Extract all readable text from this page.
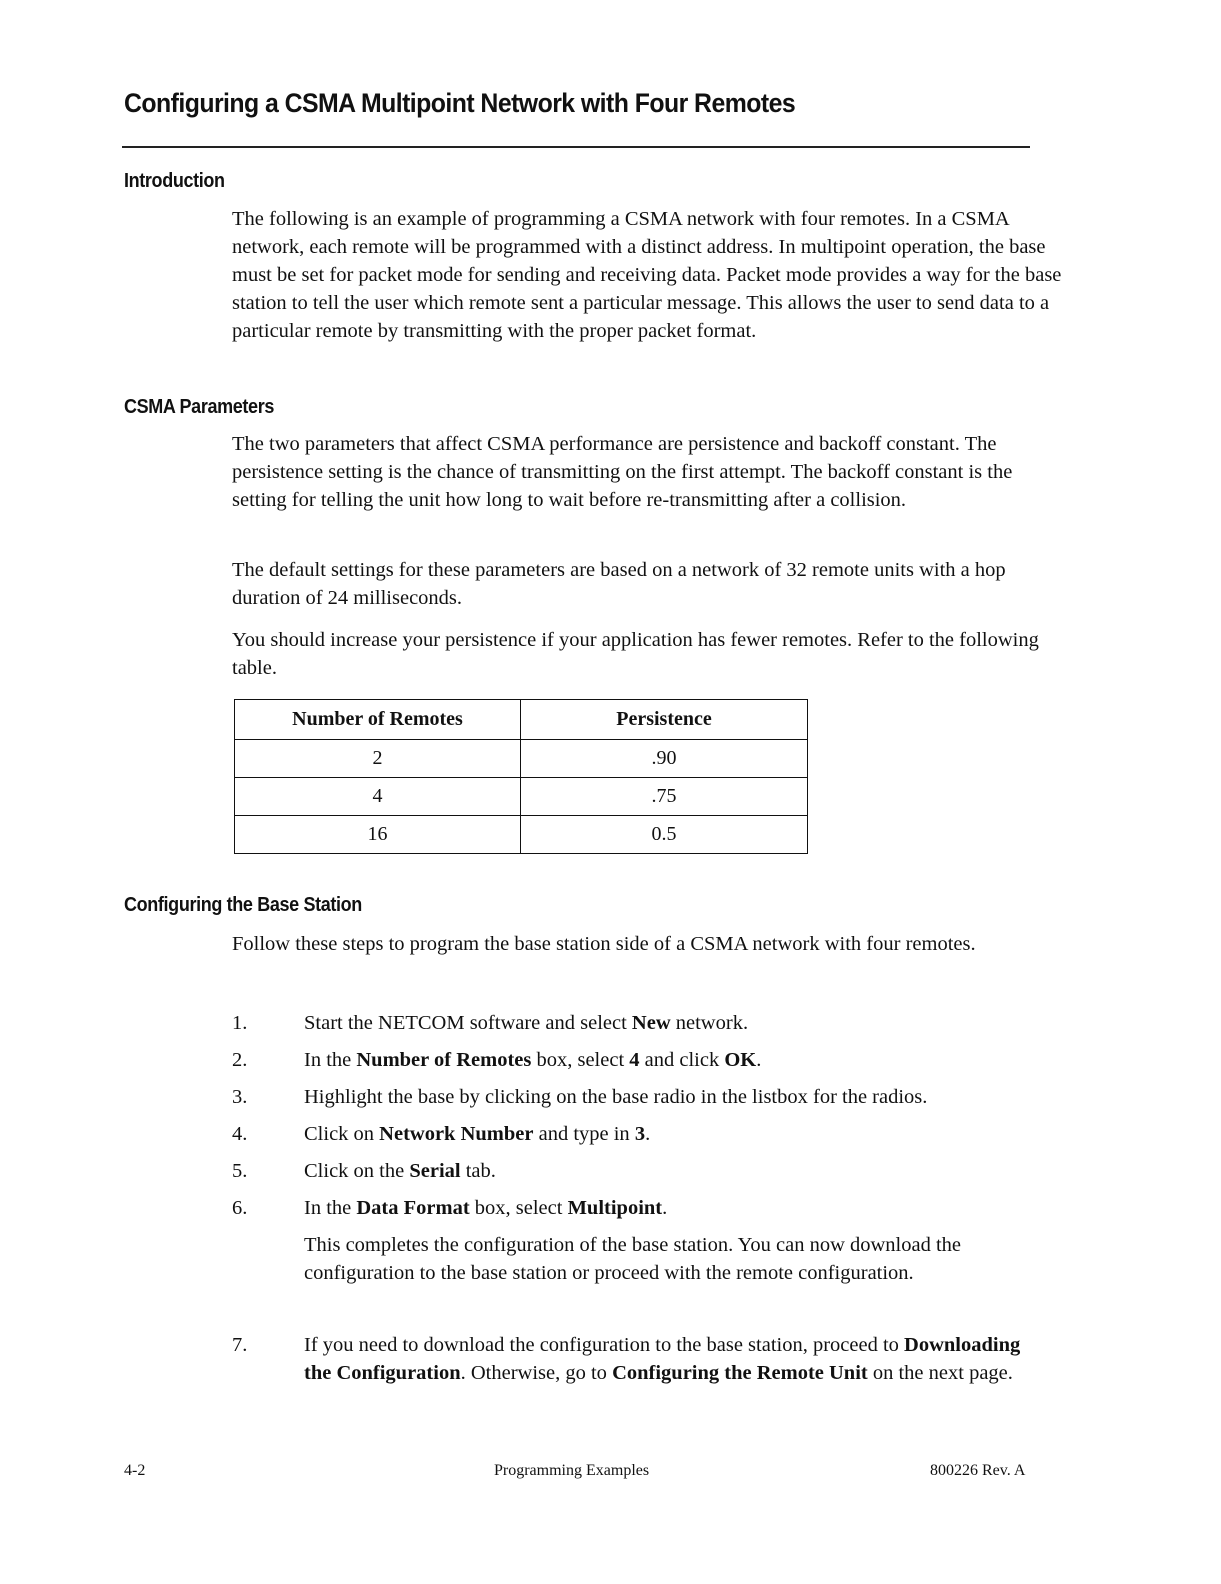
Configuring a CSMA Multipoint Network with Four Remotes
Introduction
The following is an example of programming a CSMA network with four remotes. In a CSMA network, each remote will be programmed with a distinct address. In multipoint operation, the base must be set for packet mode for sending and receiving data. Packet mode provides a way for the base station to tell the user which remote sent a particular message. This allows the user to send data to a particular remote by transmitting with the proper packet format.
CSMA Parameters
The two parameters that affect CSMA performance are persistence and backoff constant. The persistence setting is the chance of transmitting on the first attempt. The backoff constant is the setting for telling the unit how long to wait before re-transmitting after a collision.
The default settings for these parameters are based on a network of 32 remote units with a hop duration of 24 milliseconds.
You should increase your persistence if your application has fewer remotes. Refer to the following table.
Number of Remotes	Persistence
2	.90
4	.75
16	0.5
Configuring the Base Station
Follow these steps to program the base station side of a CSMA network with four remotes.
1.	Start the NETCOM software and select New network.
2.	In the Number of Remotes box, select 4 and click OK.
3.	Highlight the base by clicking on the base radio in the listbox for the radios.
4.	Click on Network Number and type in 3.
5.	Click on the Serial tab.
6.	In the Data Format box, select Multipoint.
7.	If you need to download the configuration to the base station, proceed to Downloading the Configuration. Otherwise, go to Configuring the Remote Unit on the next page.
This completes the configuration of the base station. You can now download the configuration to the base station or proceed with the remote configuration.
4-2	Programming Examples	800226 Rev. A
